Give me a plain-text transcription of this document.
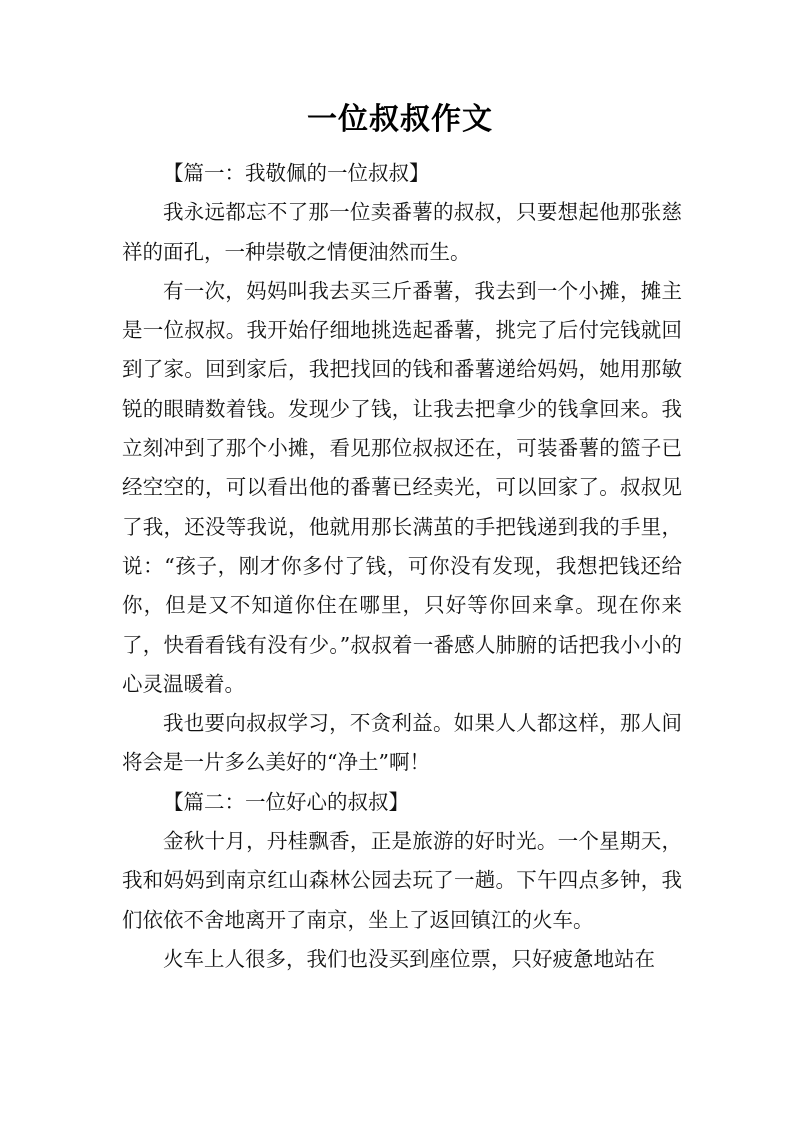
一位叔叔作文

【篇一：我敬佩的一位叔叔】

我永远都忘不了那一位卖番薯的叔叔，只要想起他那张慈祥的面孔，一种崇敬之情便油然而生。

有一次，妈妈叫我去买三斤番薯，我去到一个小摊，摊主是一位叔叔。我开始仔细地挑选起番薯，挑完了后付完钱就回到了家。回到家后，我把找回的钱和番薯递给妈妈，她用那敏锐的眼睛数着钱。发现少了钱，让我去把拿少的钱拿回来。我立刻冲到了那个小摊，看见那位叔叔还在，可装番薯的篮子已经空空的，可以看出他的番薯已经卖光，可以回家了。叔叔见了我，还没等我说，他就用那长满茧的手把钱递到我的手里，说：“孩子，刚才你多付了钱，可你没有发现，我想把钱还给你，但是又不知道你住在哪里，只好等你回来拿。现在你来了，快看看钱有没有少。”叔叔着一番感人肺腑的话把我小小的心灵温暖着。

我也要向叔叔学习，不贪利益。如果人人都这样，那人间将会是一片多么美好的“净土”啊！

【篇二：一位好心的叔叔】

金秋十月，丹桂飘香，正是旅游的好时光。一个星期天，我和妈妈到南京红山森林公园去玩了一趟。下午四点多钟，我们依依不舍地离开了南京，坐上了返回镇江的火车。

火车上人很多，我们也没买到座位票，只好疲惫地站在
